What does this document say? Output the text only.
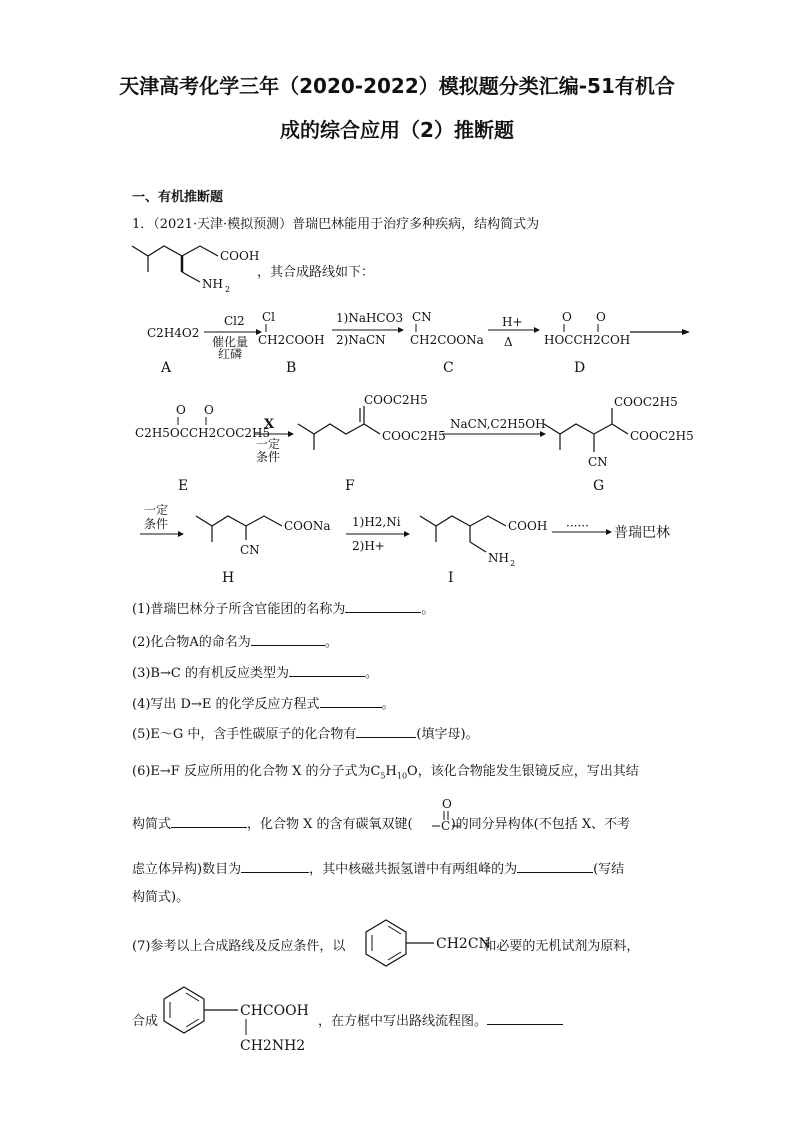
天津高考化学三年（2020-2022）模拟题分类汇编-51有机合
成的综合应用（2）推断题
一、有机推断题
1．（2021·天津·模拟预测）普瑞巴林能用于治疗多种疾病，结构简式为
COOH
NH 2
，其合成路线如下：
C2H4O2
Cl2
催化量
红磷
Cl
CH2COOH
1)NaHCO3
2)NaCN
CN
CH2COONa
H+
Δ
O O
HOCCH2COH
A	B	C	D
O O
C2H5OCCH2COC2H5
X
一定
条件
COOC2H5
COOC2H5
NaCN,C2H5OH
COOC2H5
COOC2H5
CN
E	F	G
一定
条件	COONa
CN
1)H2,Ni
2)H+
COOH
NH 2
······ 普瑞巴林
H	I
(1)普瑞巴林分子所含官能团的名称为	。
(2)化合物A的命名为	。
(3)B→C 的有机反应类型为	。
(4)写出 D→E 的化学反应方程式	。
(5)E～G 中，含手性碳原子的化合物有	(填字母)。
(6)E→F 反应所用的化合物 X 的分子式为$C_5H_{10}O$，该化合物能发生银镜反应，写出其结
构简式	，化合物 X 的含有碳氧双键(	)的同分异构体(不包括 X、不考
O
C
虑立体异构)数目为	，其中核磁共振氢谱中有两组峰的为	(写结
构简式)。
(7)参考以上合成路线及反应条件，以	和必要的无机试剂为原料，
CH2CN
合成
CHCOOH
CH2NH2
，在方框中写出路线流程图。
